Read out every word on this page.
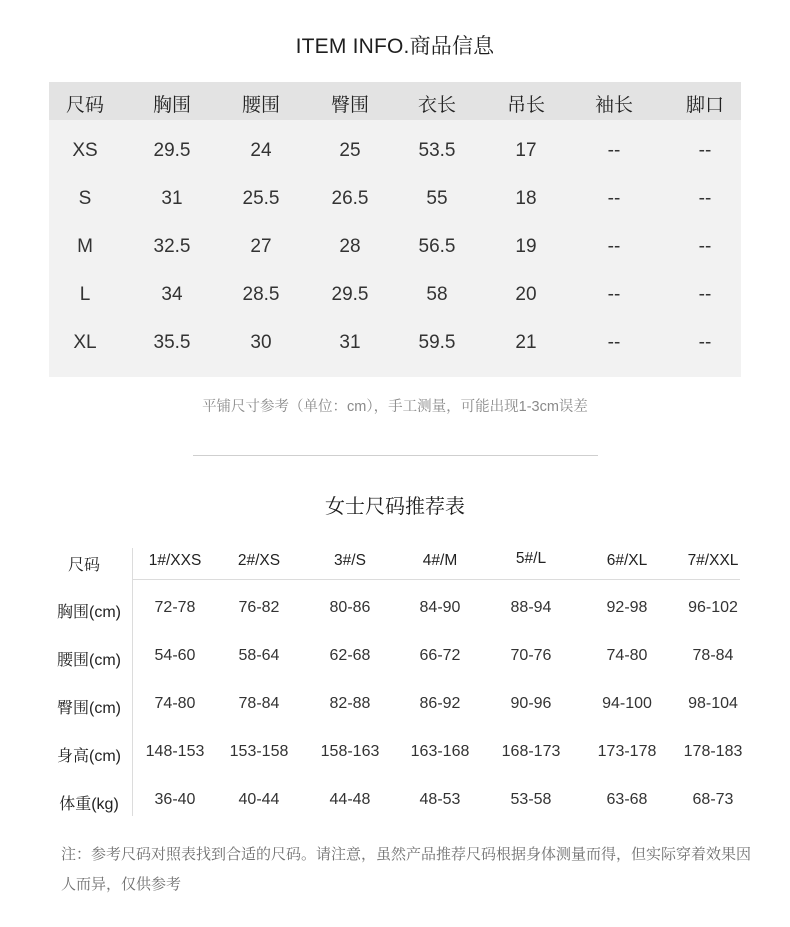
ITEM INFO.商品信息
尺码	胸围	腰围	臀围	衣长	吊长	袖长	脚口
XS	29.5	24	25	53.5	17	--	--
S	31	25.5	26.5	55	18	--	--
M	32.5	27	28	56.5	19	--	--
L	34	28.5	29.5	58	20	--	--
XL	35.5	30	31	59.5	21	--	--
平铺尺寸参考（单位：cm），手工测量，可能出现1-3cm误差
女士尺码推荐表
尺码	1#/XXS	2#/XS	3#/S	4#/M	5#/L	6#/XL	7#/XXL
胸围(cm)	72-78	76-82	80-86	84-90	88-94	92-98	96-102
腰围(cm)	54-60	58-64	62-68	66-72	70-76	74-80	78-84
臀围(cm)	74-80	78-84	82-88	86-92	90-96	94-100	98-104
身高(cm)	148-153	153-158	158-163	163-168	168-173	173-178	178-183
体重(kg)	36-40	40-44	44-48	48-53	53-58	63-68	68-73
注：参考尺码对照表找到合适的尺码。请注意，虽然产品推荐尺码根据身体测量而得，但实际穿着效果因人而异，仅供参考
